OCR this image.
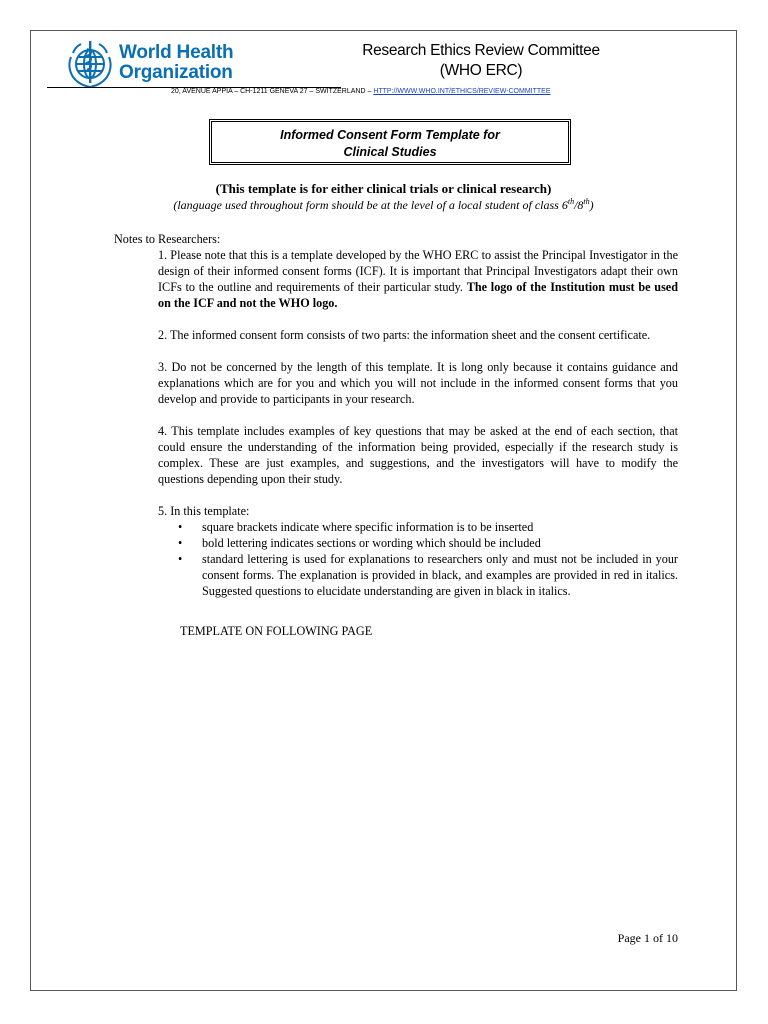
World Health
Organization
Research Ethics Review Committee
(WHO ERC)
20, AVENUE APPIA – CH-1211 GENEVA 27 – SWITZERLAND – HTTP://WWW.WHO.INT/ETHICS/REVIEW-COMMITTEE
Informed Consent Form Template for
Clinical Studies
(This template is for either clinical trials or clinical research)
(language used throughout form should be at the level of a local student of class 6th/8th)

Notes to Researchers:

1. Please note that this is a template developed by the WHO ERC to assist the Principal Investigator in the design of their informed consent forms (ICF). It is important that Principal Investigators adapt their own ICFs to the outline and requirements of their particular study. The logo of the Institution must be used on the ICF and not the WHO logo.

2. The informed consent form consists of two parts: the information sheet and the consent certificate.

3. Do not be concerned by the length of this template. It is long only because it contains guidance and explanations which are for you and which you will not include in the informed consent forms that you develop and provide to participants in your research.

4. This template includes examples of key questions that may be asked at the end of each section, that could ensure the understanding of the information being provided, especially if the research study is complex. These are just examples, and suggestions, and the investigators will have to modify the questions depending upon their study.

5. In this template:

• square brackets indicate where specific information is to be inserted
• bold lettering indicates sections or wording which should be included
• standard lettering is used for explanations to researchers only and must not be included in your consent forms. The explanation is provided in black, and examples are provided in red in italics. Suggested questions to elucidate understanding are given in black in italics.

TEMPLATE ON FOLLOWING PAGE

Page 1 of 10
